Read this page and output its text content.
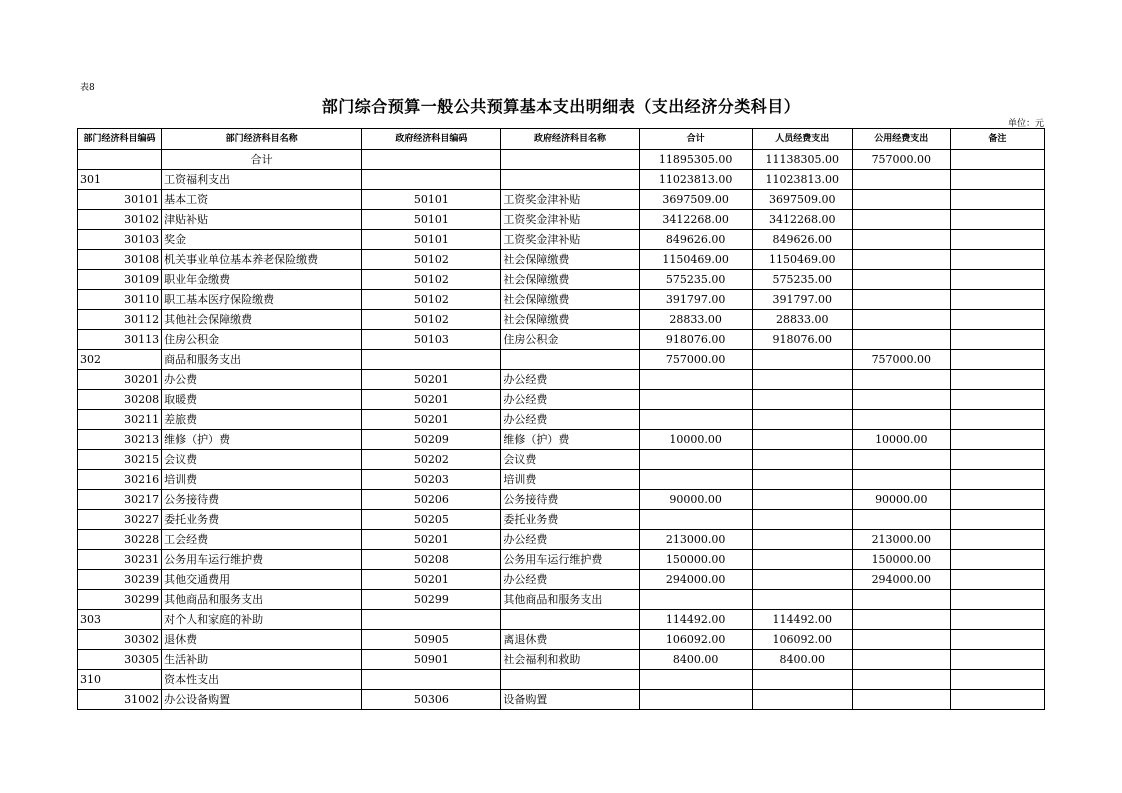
表8
部门综合预算一般公共预算基本支出明细表（支出经济分类科目）
单位：元
部门经济科目编码	部门经济科目名称	政府经济科目编码	政府经济科目名称	合计	人员经费支出	公用经费支出	备注
	合计			11895305.00	11138305.00	757000.00	
301	工资福利支出			11023813.00	11023813.00		
30101	基本工资	50101	工资奖金津补贴	3697509.00	3697509.00		
30102	津贴补贴	50101	工资奖金津补贴	3412268.00	3412268.00		
30103	奖金	50101	工资奖金津补贴	849626.00	849626.00		
30108	机关事业单位基本养老保险缴费	50102	社会保障缴费	1150469.00	1150469.00		
30109	职业年金缴费	50102	社会保障缴费	575235.00	575235.00		
30110	职工基本医疗保险缴费	50102	社会保障缴费	391797.00	391797.00		
30112	其他社会保障缴费	50102	社会保障缴费	28833.00	28833.00		
30113	住房公积金	50103	住房公积金	918076.00	918076.00		
302	商品和服务支出			757000.00		757000.00	
30201	办公费	50201	办公经费				
30208	取暖费	50201	办公经费				
30211	差旅费	50201	办公经费				
30213	维修（护）费	50209	维修（护）费	10000.00		10000.00	
30215	会议费	50202	会议费				
30216	培训费	50203	培训费				
30217	公务接待费	50206	公务接待费	90000.00		90000.00	
30227	委托业务费	50205	委托业务费				
30228	工会经费	50201	办公经费	213000.00		213000.00	
30231	公务用车运行维护费	50208	公务用车运行维护费	150000.00		150000.00	
30239	其他交通费用	50201	办公经费	294000.00		294000.00	
30299	其他商品和服务支出	50299	其他商品和服务支出				
303	对个人和家庭的补助			114492.00	114492.00		
30302	退休费	50905	离退休费	106092.00	106092.00		
30305	生活补助	50901	社会福利和救助	8400.00	8400.00		
310	资本性支出						
31002	办公设备购置	50306	设备购置				
